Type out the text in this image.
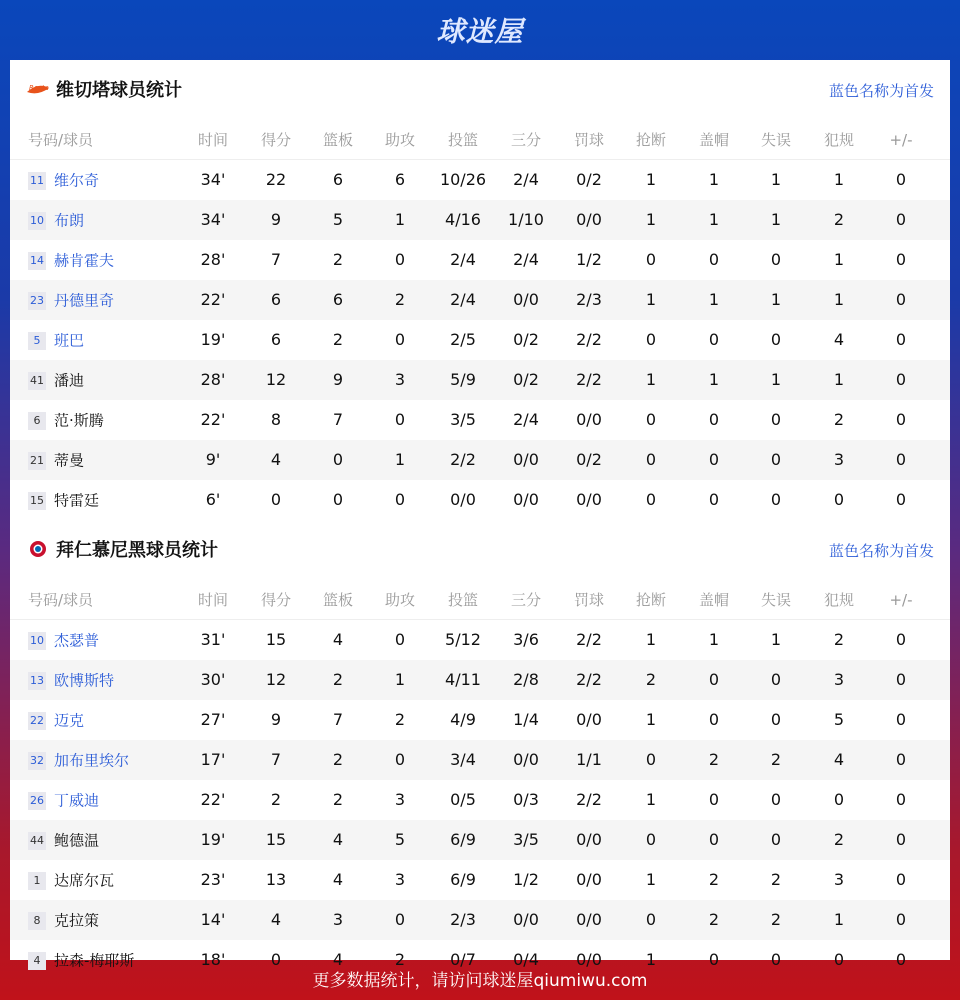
球迷屋
Rasta 维切塔球员统计	蓝色名称为首发
号码/球员	时间	得分	篮板	助攻	投篮	三分	罚球	抢断	盖帽	失误	犯规	+/-
11 维尔奇	34'	22	6	6	10/26	2/4	0/2	1	1	1	1	0
10 布朗	34'	9	5	1	4/16	1/10	0/0	1	1	1	2	0
14 赫肯霍夫	28'	7	2	0	2/4	2/4	1/2	0	0	0	1	0
23 丹德里奇	22'	6	6	2	2/4	0/0	2/3	1	1	1	1	0
5 班巴	19'	6	2	0	2/5	0/2	2/2	0	0	0	4	0
41 潘迪	28'	12	9	3	5/9	0/2	2/2	1	1	1	1	0
6 范·斯腾	22'	8	7	0	3/5	2/4	0/0	0	0	0	2	0
21 蒂曼	9'	4	0	1	2/2	0/0	0/2	0	0	0	3	0
15 特雷廷	6'	0	0	0	0/0	0/0	0/0	0	0	0	0	0
拜仁慕尼黑球员统计	蓝色名称为首发
号码/球员	时间	得分	篮板	助攻	投篮	三分	罚球	抢断	盖帽	失误	犯规	+/-
10 杰瑟普	31'	15	4	0	5/12	3/6	2/2	1	1	1	2	0
13 欧博斯特	30'	12	2	1	4/11	2/8	2/2	2	0	0	3	0
22 迈克	27'	9	7	2	4/9	1/4	0/0	1	0	0	5	0
32 加布里埃尔	17'	7	2	0	3/4	0/0	1/1	0	2	2	4	0
26 丁威迪	22'	2	2	3	0/5	0/3	2/2	1	0	0	0	0
44 鲍德温	19'	15	4	5	6/9	3/5	0/0	0	0	0	2	0
1 达席尔瓦	23'	13	4	3	6/9	1/2	0/0	1	2	2	3	0
8 克拉策	14'	4	3	0	2/3	0/0	0/0	0	2	2	1	0
4 拉森-梅耶斯	18'	0	4	2	0/7	0/4	0/0	1	0	0	0	0
更多数据统计，请访问球迷屋qiumiwu.com
